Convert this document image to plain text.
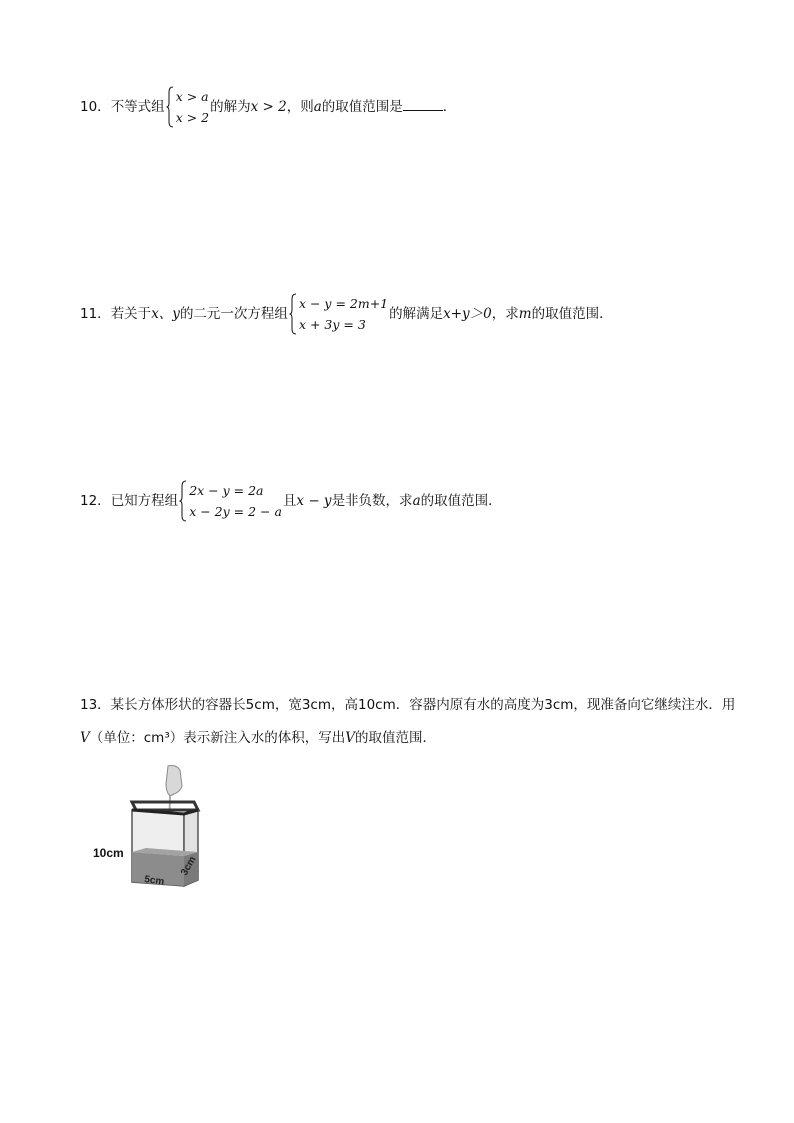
10．不等式组
x > a
x > 2
的解为x > 2，则a的取值范围是	．
11．若关于x、y的二元一次方程组
x − y = 2m+1
x + 3y = 3
的解满足x+y＞0，求m的取值范围．
12．已知方程组
2x − y = 2a
x − 2y = 2 − a
且x − y是非负数，求a的取值范围．
13．某长方体形状的容器长5cm，宽3cm，高10cm．容器内原有水的高度为3cm，现准备向它继续注水．用
V（单位：cm³）表示新注入水的体积，写出V的取值范围．
5cm
3cm
10cm
